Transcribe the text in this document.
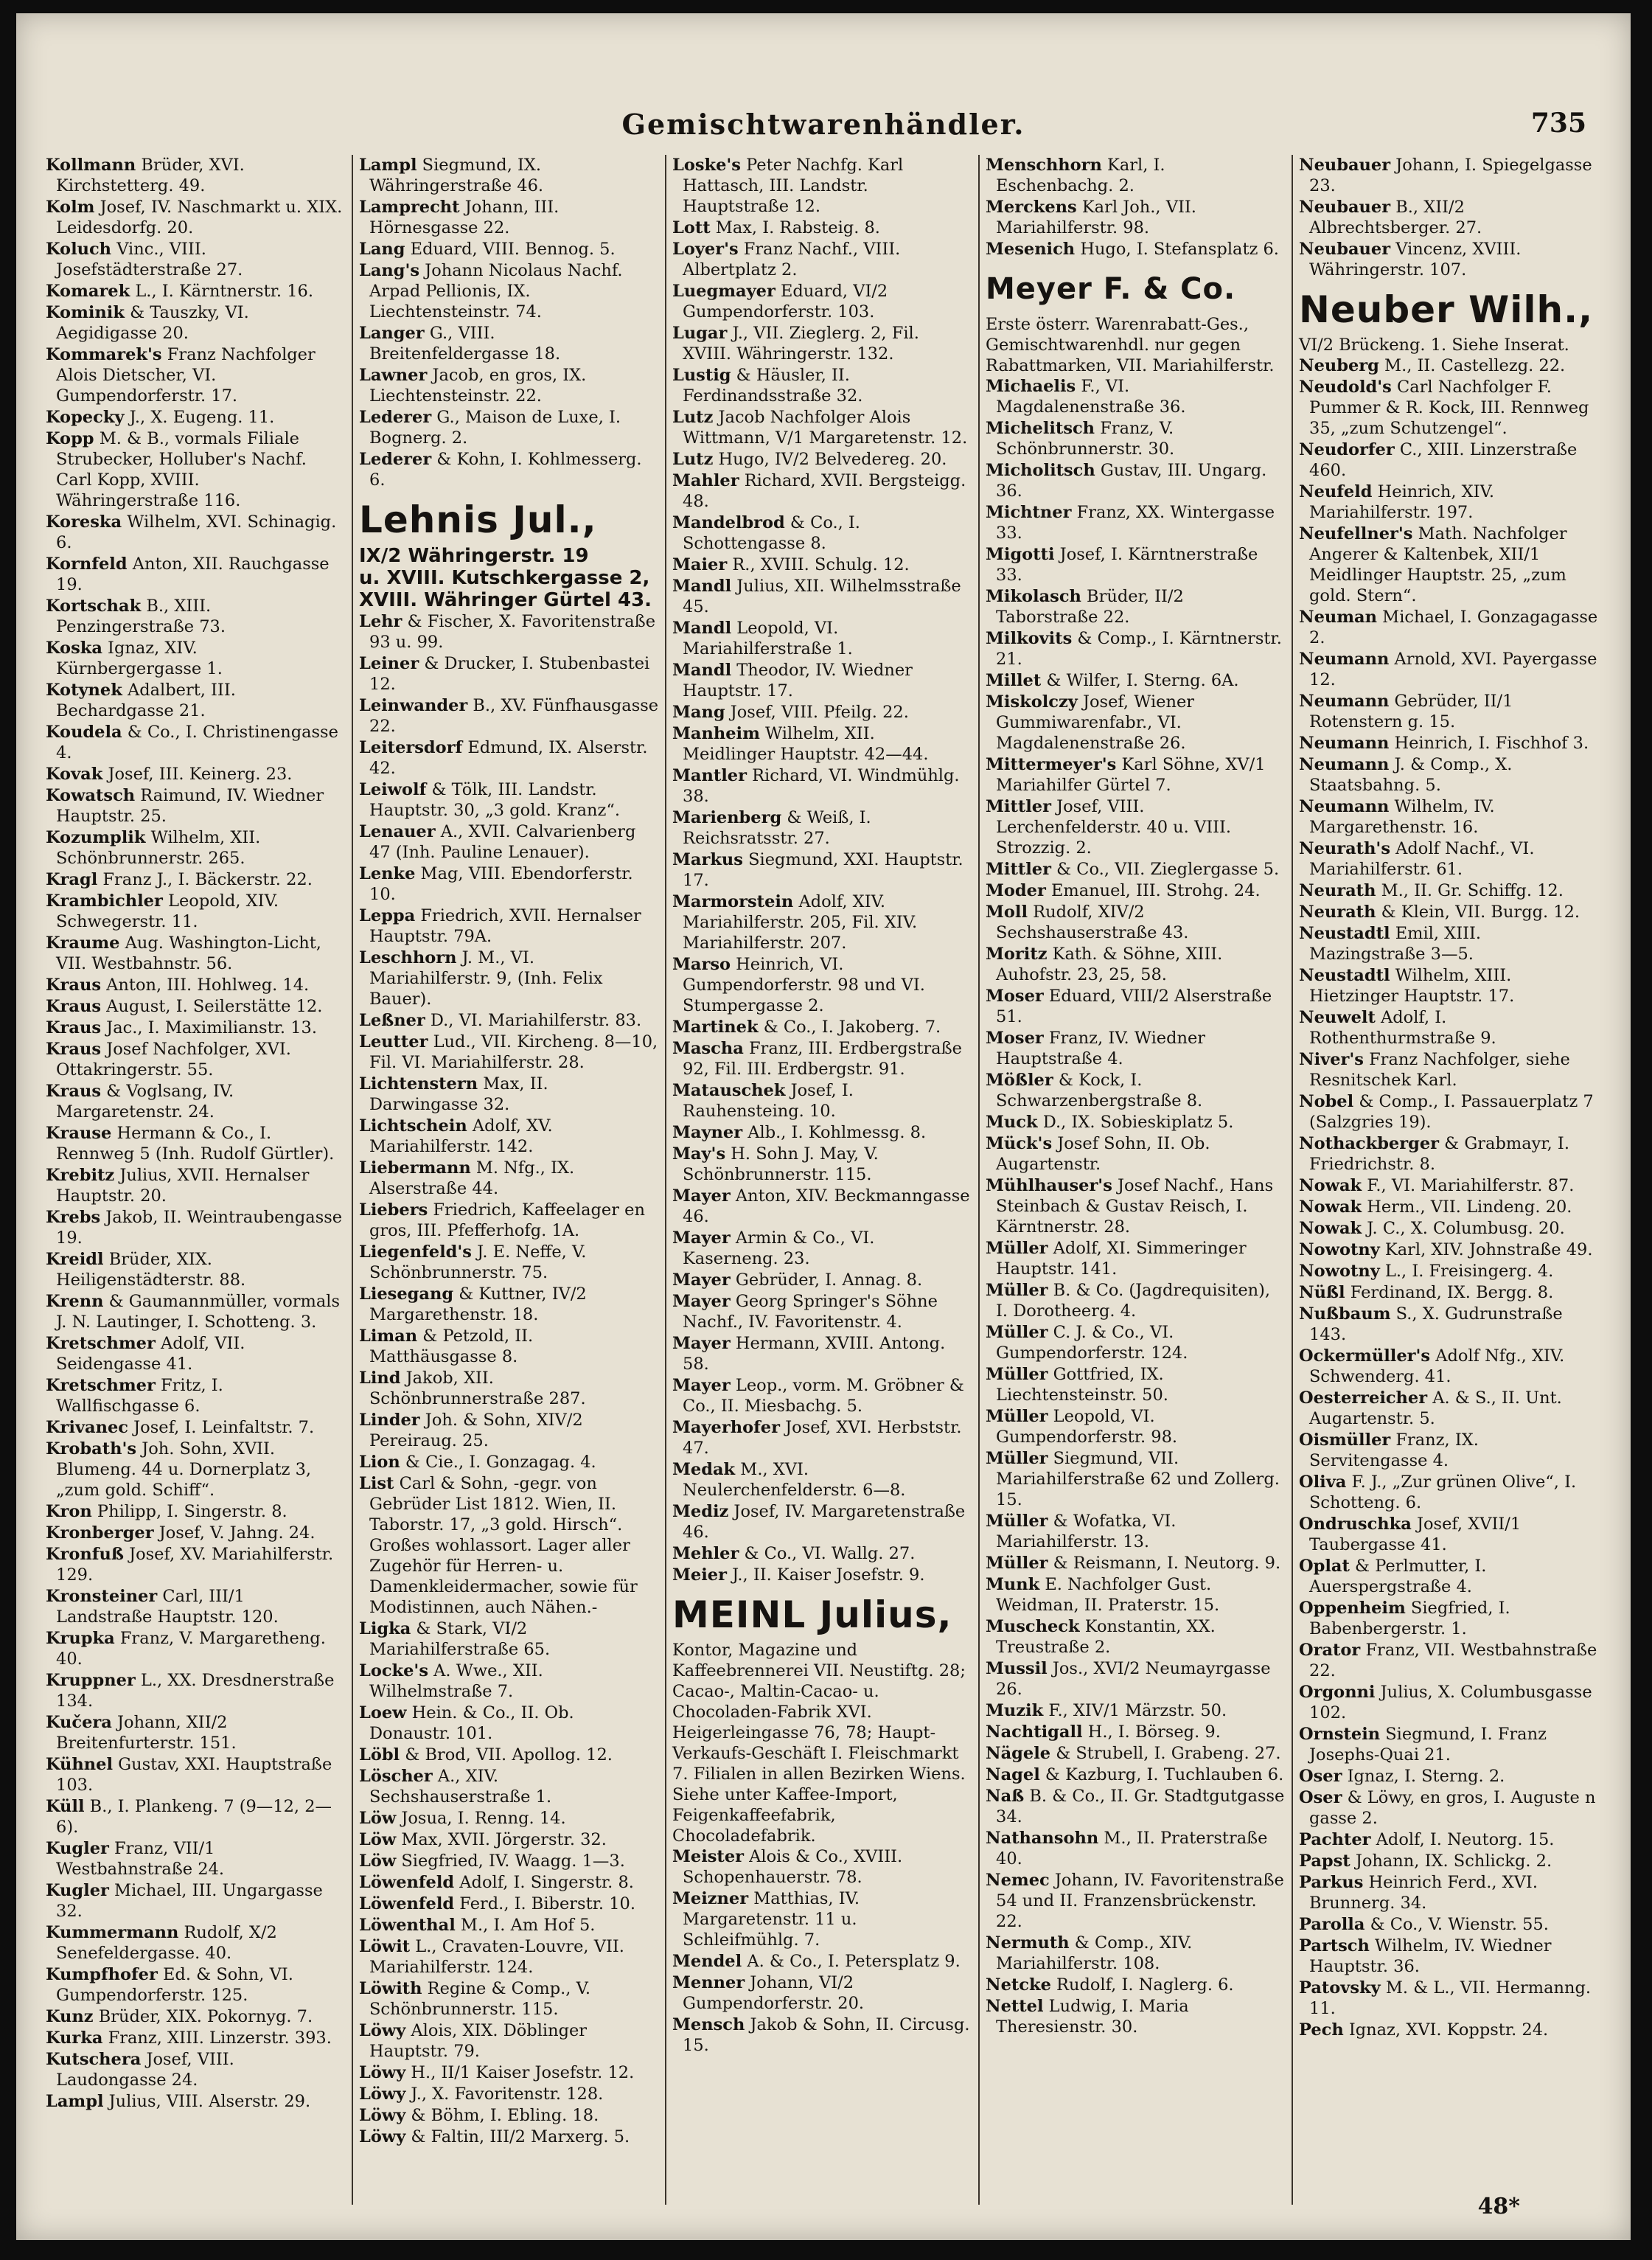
Gemischtwarenhändler.	735
Kollmann Brüder, XVI. Kirchstetterg. 49.
Kolm Josef, IV. Naschmarkt u. XIX. Leidesdorfg. 20.
Koluch Vinc., VIII. Josefstädterstraße 27.
Komarek L., I. Kärntnerstr. 16.
Kominik & Tauszky, VI. Aegidigasse 20.
Kommarek's Franz Nachfolger Alois Dietscher, VI. Gumpendorferstr. 17.
Kopecky J., X. Eugeng. 11.
Kopp M. & B., vormals Filiale Strubecker, Holluber's Nachf. Carl Kopp, XVIII. Währingerstraße 116.
Koreska Wilhelm, XVI. Schinagig. 6.
Kornfeld Anton, XII. Rauchgasse 19.
Kortschak B., XIII. Penzingerstraße 73.
Koska Ignaz, XIV. Kürnbergergasse 1.
Kotynek Adalbert, III. Bechardgasse 21.
Koudela & Co., I. Christinengasse 4.
Kovak Josef, III. Keinerg. 23.
Kowatsch Raimund, IV. Wiedner Hauptstr. 25.
Kozumplik Wilhelm, XII. Schönbrunnerstr. 265.
Kragl Franz J., I. Bäckerstr. 22.
Krambichler Leopold, XIV. Schwegerstr. 11.
Kraume Aug. Washington-Licht, VII. Westbahnstr. 56.
Kraus Anton, III. Hohlweg. 14.
Kraus August, I. Seilerstätte 12.
Kraus Jac., I. Maximilianstr. 13.
Kraus Josef Nachfolger, XVI. Ottakringerstr. 55.
Kraus & Voglsang, IV. Margaretenstr. 24.
Krause Hermann & Co., I. Rennweg 5 (Inh. Rudolf Gürtler).
Krebitz Julius, XVII. Hernalser Hauptstr. 20.
Krebs Jakob, II. Weintraubengasse 19.
Kreidl Brüder, XIX. Heiligenstädterstr. 88.
Krenn & Gaumannmüller, vormals J. N. Lautinger, I. Schotteng. 3.
Kretschmer Adolf, VII. Seidengasse 41.
Kretschmer Fritz, I. Wallfischgasse 6.
Krivanec Josef, I. Leinfaltstr. 7.
Krobath's Joh. Sohn, XVII. Blumeng. 44 u. Dornerplatz 3, „zum gold. Schiff“.
Kron Philipp, I. Singerstr. 8.
Kronberger Josef, V. Jahng. 24.
Kronfuß Josef, XV. Mariahilferstr. 129.
Kronsteiner Carl, III/1 Landstraße Hauptstr. 120.
Krupka Franz, V. Margaretheng. 40.
Kruppner L., XX. Dresdnerstraße 134.
Kučera Johann, XII/2 Breitenfurterstr. 151.
Kühnel Gustav, XXI. Hauptstraße 103.
Küll B., I. Plankeng. 7 (9—12, 2—6).
Kugler Franz, VII/1 Westbahnstraße 24.
Kugler Michael, III. Ungargasse 32.
Kummermann Rudolf, X/2 Senefeldergasse. 40.
Kumpfhofer Ed. & Sohn, VI. Gumpendorferstr. 125.
Kunz Brüder, XIX. Pokornyg. 7.
Kurka Franz, XIII. Linzerstr. 393.
Kutschera Josef, VIII. Laudongasse 24.
Lampl Julius, VIII. Alserstr. 29.
Lampl Siegmund, IX. Währingerstraße 46.
Lamprecht Johann, III. Hörnesgasse 22.
Lang Eduard, VIII. Bennog. 5.
Lang's Johann Nicolaus Nachf. Arpad Pellionis, IX. Liechtensteinstr. 74.
Langer G., VIII. Breitenfeldergasse 18.
Lawner Jacob, en gros, IX. Liechtensteinstr. 22.
Lederer G., Maison de Luxe, I. Bognerg. 2.
Lederer & Kohn, I. Kohlmesserg. 6.
Lehnis Jul.,
IX/2 Währingerstr. 19
u. XVIII. Kutschkergasse 2, XVIII. Währinger Gürtel 43.
Lehr & Fischer, X. Favoritenstraße 93 u. 99.
Leiner & Drucker, I. Stubenbastei 12.
Leinwander B., XV. Fünfhausgasse 22.
Leitersdorf Edmund, IX. Alserstr. 42.
Leiwolf & Tölk, III. Landstr. Hauptstr. 30, „3 gold. Kranz“.
Lenauer A., XVII. Calvarienberg 47 (Inh. Pauline Lenauer).
Lenke Mag, VIII. Ebendorferstr. 10.
Leppa Friedrich, XVII. Hernalser Hauptstr. 79A.
Leschhorn J. M., VI. Mariahilferstr. 9, (Inh. Felix Bauer).
Leßner D., VI. Mariahilferstr. 83.
Leutter Lud., VII. Kircheng. 8—10, Fil. VI. Mariahilferstr. 28.
Lichtenstern Max, II. Darwingasse 32.
Lichtschein Adolf, XV. Mariahilferstr. 142.
Liebermann M. Nfg., IX. Alserstraße 44.
Liebers Friedrich, Kaffeelager en gros, III. Pfefferhofg. 1A.
Liegenfeld's J. E. Neffe, V. Schönbrunnerstr. 75.
Liesegang & Kuttner, IV/2 Margarethenstr. 18.
Liman & Petzold, II. Matthäusgasse 8.
Lind Jakob, XII. Schönbrunnerstraße 287.
Linder Joh. & Sohn, XIV/2 Pereiraug. 25.
Lion & Cie., I. Gonzagag. 4.
List Carl & Sohn, -gegr. von Gebrüder List 1812. Wien, II. Taborstr. 17, „3 gold. Hirsch“. Großes wohlassort. Lager aller Zugehör für Herren- u. Damenkleidermacher, sowie für Modistinnen, auch Nähen.-
Ligka & Stark, VI/2 Mariahilferstraße 65.
Locke's A. Wwe., XII. Wilhelmstraße 7.
Loew Hein. & Co., II. Ob. Donaustr. 101.
Löbl & Brod, VII. Apollog. 12.
Löscher A., XIV. Sechshauserstraße 1.
Löw Josua, I. Renng. 14.
Löw Max, XVII. Jörgerstr. 32.
Löw Siegfried, IV. Waagg. 1—3.
Löwenfeld Adolf, I. Singerstr. 8.
Löwenfeld Ferd., I. Biberstr. 10.
Löwenthal M., I. Am Hof 5.
Löwit L., Cravaten-Louvre, VII. Mariahilferstr. 124.
Löwith Regine & Comp., V. Schönbrunnerstr. 115.
Löwy Alois, XIX. Döblinger Hauptstr. 79.
Löwy H., II/1 Kaiser Josefstr. 12.
Löwy J., X. Favoritenstr. 128.
Löwy & Böhm, I. Ebling. 18.
Löwy & Faltin, III/2 Marxerg. 5.
Loske's Peter Nachfg. Karl Hattasch, III. Landstr. Hauptstraße 12.
Lott Max, I. Rabsteig. 8.
Loyer's Franz Nachf., VIII. Albertplatz 2.
Luegmayer Eduard, VI/2 Gumpendorferstr. 103.
Lugar J., VII. Zieglerg. 2, Fil. XVIII. Währingerstr. 132.
Lustig & Häusler, II. Ferdinandsstraße 32.
Lutz Jacob Nachfolger Alois Wittmann, V/1 Margaretenstr. 12.
Lutz Hugo, IV/2 Belvedereg. 20.
Mahler Richard, XVII. Bergsteigg. 48.
Mandelbrod & Co., I. Schottengasse 8.
Maier R., XVIII. Schulg. 12.
Mandl Julius, XII. Wilhelmsstraße 45.
Mandl Leopold, VI. Mariahilferstraße 1.
Mandl Theodor, IV. Wiedner Hauptstr. 17.
Mang Josef, VIII. Pfeilg. 22.
Manheim Wilhelm, XII. Meidlinger Hauptstr. 42—44.
Mantler Richard, VI. Windmühlg. 38.
Marienberg & Weiß, I. Reichsratsstr. 27.
Markus Siegmund, XXI. Hauptstr. 17.
Marmorstein Adolf, XIV. Mariahilferstr. 205, Fil. XIV. Mariahilferstr. 207.
Marso Heinrich, VI. Gumpendorferstr. 98 und VI. Stumpergasse 2.
Martinek & Co., I. Jakoberg. 7.
Mascha Franz, III. Erdbergstraße 92, Fil. III. Erdbergstr. 91.
Matauschek Josef, I. Rauhensteing. 10.
Mayner Alb., I. Kohlmessg. 8.
May's H. Sohn J. May, V. Schönbrunnerstr. 115.
Mayer Anton, XIV. Beckmanngasse 46.
Mayer Armin & Co., VI. Kaserneng. 23.
Mayer Gebrüder, I. Annag. 8.
Mayer Georg Springer's Söhne Nachf., IV. Favoritenstr. 4.
Mayer Hermann, XVIII. Antong. 58.
Mayer Leop., vorm. M. Gröbner & Co., II. Miesbachg. 5.
Mayerhofer Josef, XVI. Herbststr. 47.
Medak M., XVI. Neulerchenfelderstr. 6—8.
Mediz Josef, IV. Margaretenstraße 46.
Mehler & Co., VI. Wallg. 27.
Meier J., II. Kaiser Josefstr. 9.
MEINL Julius,
Kontor, Magazine und Kaffeebrennerei VII. Neustiftg. 28; Cacao-, Maltin-Cacao- u. Chocoladen-Fabrik XVI. Heigerleingasse 76, 78; Haupt-Verkaufs-Geschäft I. Fleischmarkt 7. Filialen in allen Bezirken Wiens. Siehe unter Kaffee-Import, Feigenkaffeefabrik, Chocoladefabrik.
Meister Alois & Co., XVIII. Schopenhauerstr. 78.
Meizner Matthias, IV. Margaretenstr. 11 u. Schleifmühlg. 7.
Mendel A. & Co., I. Petersplatz 9.
Menner Johann, VI/2 Gumpendorferstr. 20.
Mensch Jakob & Sohn, II. Circusg. 15.
Menschhorn Karl, I. Eschenbachg. 2.
Merckens Karl Joh., VII. Mariahilferstr. 98.
Mesenich Hugo, I. Stefansplatz 6.
Meyer F. & Co.
Erste österr. Warenrabatt-Ges., Gemischtwarenhdl. nur gegen Rabattmarken, VII. Mariahilferstr.
Michaelis F., VI. Magdalenenstraße 36.
Michelitsch Franz, V. Schönbrunnerstr. 30.
Micholitsch Gustav, III. Ungarg. 36.
Michtner Franz, XX. Wintergasse 33.
Migotti Josef, I. Kärntnerstraße 33.
Mikolasch Brüder, II/2 Taborstraße 22.
Milkovits & Comp., I. Kärntnerstr. 21.
Millet & Wilfer, I. Sterng. 6A.
Miskolczy Josef, Wiener Gummiwarenfabr., VI. Magdalenenstraße 26.
Mittermeyer's Karl Söhne, XV/1 Mariahilfer Gürtel 7.
Mittler Josef, VIII. Lerchenfelderstr. 40 u. VIII. Strozzig. 2.
Mittler & Co., VII. Zieglergasse 5.
Moder Emanuel, III. Strohg. 24.
Moll Rudolf, XIV/2 Sechshauserstraße 43.
Moritz Kath. & Söhne, XIII. Auhofstr. 23, 25, 58.
Moser Eduard, VIII/2 Alserstraße 51.
Moser Franz, IV. Wiedner Hauptstraße 4.
Mößler & Kock, I. Schwarzenbergstraße 8.
Muck D., IX. Sobieskiplatz 5.
Mück's Josef Sohn, II. Ob. Augartenstr.
Mühlhauser's Josef Nachf., Hans Steinbach & Gustav Reisch, I. Kärntnerstr. 28.
Müller Adolf, XI. Simmeringer Hauptstr. 141.
Müller B. & Co. (Jagdrequisiten), I. Dorotheerg. 4.
Müller C. J. & Co., VI. Gumpendorferstr. 124.
Müller Gottfried, IX. Liechtensteinstr. 50.
Müller Leopold, VI. Gumpendorferstr. 98.
Müller Siegmund, VII. Mariahilferstraße 62 und Zollerg. 15.
Müller & Wofatka, VI. Mariahilferstr. 13.
Müller & Reismann, I. Neutorg. 9.
Munk E. Nachfolger Gust. Weidman, II. Praterstr. 15.
Muscheck Konstantin, XX. Treustraße 2.
Mussil Jos., XVI/2 Neumayrgasse 26.
Muzik F., XIV/1 Märzstr. 50.
Nachtigall H., I. Börseg. 9.
Nägele & Strubell, I. Grabeng. 27.
Nagel & Kazburg, I. Tuchlauben 6.
Naß B. & Co., II. Gr. Stadtgutgasse 34.
Nathansohn M., II. Praterstraße 40.
Nemec Johann, IV. Favoritenstraße 54 und II. Franzensbrückenstr. 22.
Nermuth & Comp., XIV. Mariahilferstr. 108.
Netcke Rudolf, I. Naglerg. 6.
Nettel Ludwig, I. Maria Theresienstr. 30.
Neubauer Johann, I. Spiegelgasse 23.
Neubauer B., XII/2 Albrechtsberger. 27.
Neubauer Vincenz, XVIII. Währingerstr. 107.
Neuber Wilh.,
VI/2 Brückeng. 1. Siehe Inserat.
Neuberg M., II. Castellezg. 22.
Neudold's Carl Nachfolger F. Pummer & R. Kock, III. Rennweg 35, „zum Schutzengel“.
Neudorfer C., XIII. Linzerstraße 460.
Neufeld Heinrich, XIV. Mariahilferstr. 197.
Neufellner's Math. Nachfolger Angerer & Kaltenbek, XII/1 Meidlinger Hauptstr. 25, „zum gold. Stern“.
Neuman Michael, I. Gonzagagasse 2.
Neumann Arnold, XVI. Payergasse 12.
Neumann Gebrüder, II/1 Rotenstern g. 15.
Neumann Heinrich, I. Fischhof 3.
Neumann J. & Comp., X. Staatsbahng. 5.
Neumann Wilhelm, IV. Margarethenstr. 16.
Neurath's Adolf Nachf., VI. Mariahilferstr. 61.
Neurath M., II. Gr. Schiffg. 12.
Neurath & Klein, VII. Burgg. 12.
Neustadtl Emil, XIII. Mazingstraße 3—5.
Neustadtl Wilhelm, XIII. Hietzinger Hauptstr. 17.
Neuwelt Adolf, I. Rothenthurmstraße 9.
Niver's Franz Nachfolger, siehe Resnitschek Karl.
Nobel & Comp., I. Passauerplatz 7 (Salzgries 19).
Nothackberger & Grabmayr, I. Friedrichstr. 8.
Nowak F., VI. Mariahilferstr. 87.
Nowak Herm., VII. Lindeng. 20.
Nowak J. C., X. Columbusg. 20.
Nowotny Karl, XIV. Johnstraße 49.
Nowotny L., I. Freisingerg. 4.
Nüßl Ferdinand, IX. Bergg. 8.
Nußbaum S., X. Gudrunstraße 143.
Ockermüller's Adolf Nfg., XIV. Schwenderg. 41.
Oesterreicher A. & S., II. Unt. Augartenstr. 5.
Oismüller Franz, IX. Servitengasse 4.
Oliva F. J., „Zur grünen Olive“, I. Schotteng. 6.
Ondruschka Josef, XVII/1 Taubergasse 41.
Oplat & Perlmutter, I. Auerspergstraße 4.
Oppenheim Siegfried, I. Babenbergerstr. 1.
Orator Franz, VII. Westbahnstraße 22.
Orgonni Julius, X. Columbusgasse 102.
Ornstein Siegmund, I. Franz Josephs-Quai 21.
Oser Ignaz, I. Sterng. 2.
Oser & Löwy, en gros, I. Auguste n gasse 2.
Pachter Adolf, I. Neutorg. 15.
Papst Johann, IX. Schlickg. 2.
Parkus Heinrich Ferd., XVI. Brunnerg. 34.
Parolla & Co., V. Wienstr. 55.
Partsch Wilhelm, IV. Wiedner Hauptstr. 36.
Patovsky M. & L., VII. Hermanng. 11.
Pech Ignaz, XVI. Koppstr. 24.
48*
